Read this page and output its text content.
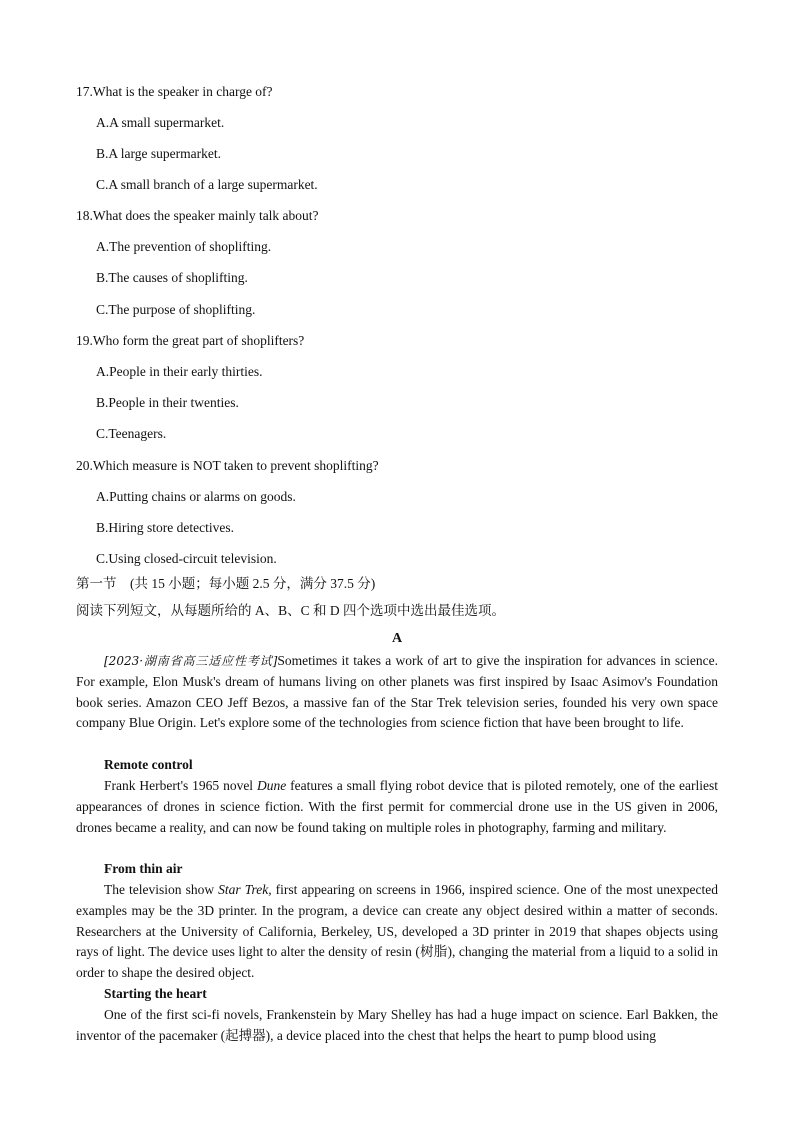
17.What is the speaker in charge of?
A.A small supermarket.
B.A large supermarket.
C.A small branch of a large supermarket.
18.What does the speaker mainly talk about?
A.The prevention of shoplifting.
B.The causes of shoplifting.
C.The purpose of shoplifting.
19.Who form the great part of shoplifters?
A.People in their early thirties.
B.People in their twenties.
C.Teenagers.
20.Which measure is NOT taken to prevent shoplifting?
A.Putting chains or alarms on goods.
B.Hiring store detectives.
C.Using closed-circuit television.
第一节　(共 15 小题；每小题 2.5 分，满分 37.5 分)
阅读下列短文，从每题所给的 A、B、C 和 D 四个选项中选出最佳选项。
A

[2023·湖南省高三适应性考试]Sometimes it takes a work of art to give the inspiration for advances in science. For example, Elon Musk's dream of humans living on other planets was first inspired by Isaac Asimov's Foundation book series. Amazon CEO Jeff Bezos, a massive fan of the Star Trek television series, founded his very own space company Blue Origin. Let's explore some of the technologies from science fiction that have been brought to life.

Remote control

Frank Herbert's 1965 novel Dune features a small flying robot device that is piloted remotely, one of the earliest appearances of drones in science fiction. With the first permit for commercial drone use in the US given in 2006, drones became a reality, and can now be found taking on multiple roles in photography, farming and military.

From thin air

The television show Star Trek, first appearing on screens in 1966, inspired science. One of the most unexpected examples may be the 3D printer. In the program, a device can create any object desired within a matter of seconds. Researchers at the University of California, Berkeley, US, developed a 3D printer in 2019 that shapes objects using rays of light. The device uses light to alter the density of resin (树脂), changing the material from a liquid to a solid in order to shape the desired object.

Starting the heart

One of the first sci-fi novels, Frankenstein by Mary Shelley has had a huge impact on science. Earl Bakken, the inventor of the pacemaker (起搏器), a device placed into the chest that helps the heart to pump blood using
